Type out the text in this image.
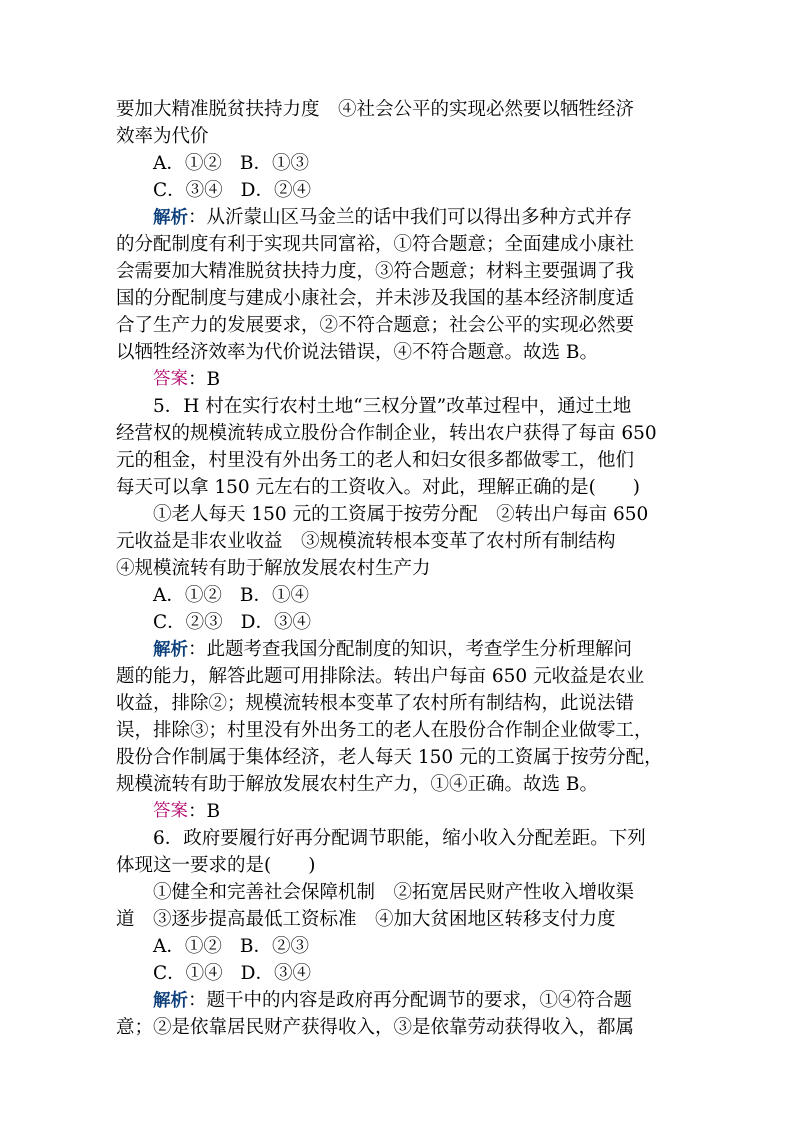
要加大精准脱贫扶持力度　④社会公平的实现必然要以牺牲经济
效率为代价
A．①② B．①③
C．③④ D．②④
解析：从沂蒙山区马金兰的话中我们可以得出多种方式并存
的分配制度有利于实现共同富裕，①符合题意；全面建成小康社
会需要加大精准脱贫扶持力度，③符合题意；材料主要强调了我
国的分配制度与建成小康社会，并未涉及我国的基本经济制度适
合了生产力的发展要求，②不符合题意；社会公平的实现必然要
以牺牲经济效率为代价说法错误，④不符合题意。故选 B。
答案 ：B
5．H 村在实行农村土地“三权分置”改革过程中，通过土地
经营权的规模流转成立股份合作制企业，转出农户获得了每亩 650
元的租金，村里没有外出务工的老人和妇女很多都做零工，他们
每天可以拿 150 元左右的工资收入。对此，理解正确的是(　　)
①老人每天 150 元的工资属于按劳分配　②转出户每亩 650
元收益是非农业收益　③规模流转根本变革了农村所有制结构
④规模流转有助于解放发展农村生产力
A．①② B．①④
C．②③ D．③④
解析：此题考查我国分配制度的知识，考查学生分析理解问
题的能力，解答此题可用排除法。转出户每亩 650 元收益是农业
收益，排除②；规模流转根本变革了农村所有制结构，此说法错
误，排除③；村里没有外出务工的老人在股份合作制企业做零工，
股份合作制属于集体经济，老人每天 150 元的工资属于按劳分配，
规模流转有助于解放发展农村生产力，①④正确。故选 B。
答案 ：B
6．政府要履行好再分配调节职能，缩小收入分配差距。下列
体现这一要求的是(　　)
①健全和完善社会保障机制　②拓宽居民财产性收入增收渠
道　③逐步提高最低工资标准　④加大贫困地区转移支付力度
A．①② B．②③
C．①④ D．③④
解析：题干中的内容是政府再分配调节的要求，①④符合题
意；②是依靠居民财产获得收入，③是依靠劳动获得收入，都属
